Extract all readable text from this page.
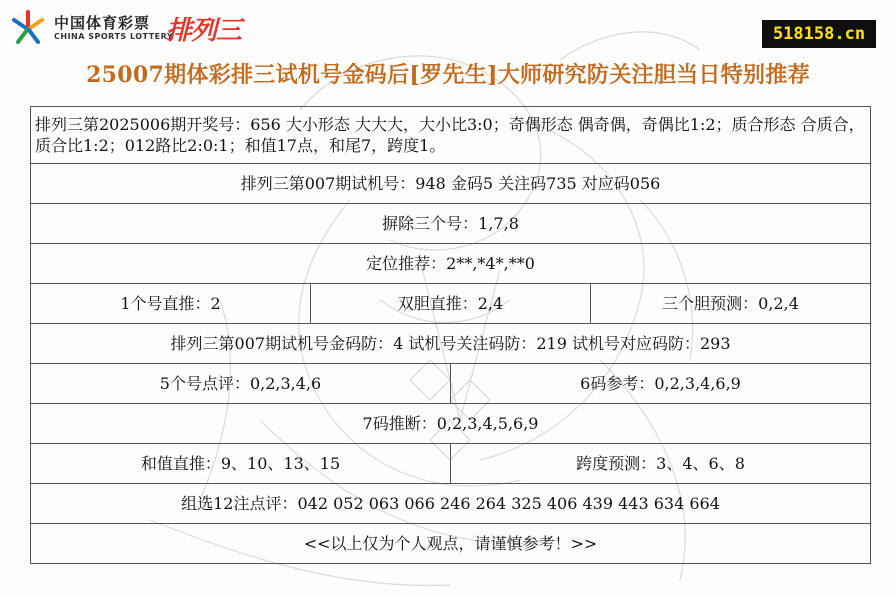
中国体育彩票
CHINA SPORTS LOTTERY
排列三	518158.cn
25007期体彩排三试机号金码后[罗先生]大师研究防关注胆当日特别推荐
排列三第2025006期开奖号：656 大小形态 大大大，大小比3:0；奇偶形态 偶奇偶，奇偶比1:2；质合形态 合质合，质合比1:2；012路比2:0:1；和值17点，和尾7，跨度1。			
排列三第007期试机号：948 金码5 关注码735 对应码056			
摒除三个号：1,7,8			
定位推荐：2**,*4*,**0			
1个号直推：2	双胆直推：2,4		三个胆预测：0,2,4
排列三第007期试机号金码防：4 试机号关注码防：219 试机号对应码防：293			
5个号点评：0,2,3,4,6		6码参考：0,2,3,4,6,9	
7码推断：0,2,3,4,5,6,9			
和值直推：9、10、13、15		跨度预测：3、4、6、8	
组选12注点评：042 052 063 066 246 264 325 406 439 443 634 664			
<<以上仅为个人观点，请谨慎参考！>>			
